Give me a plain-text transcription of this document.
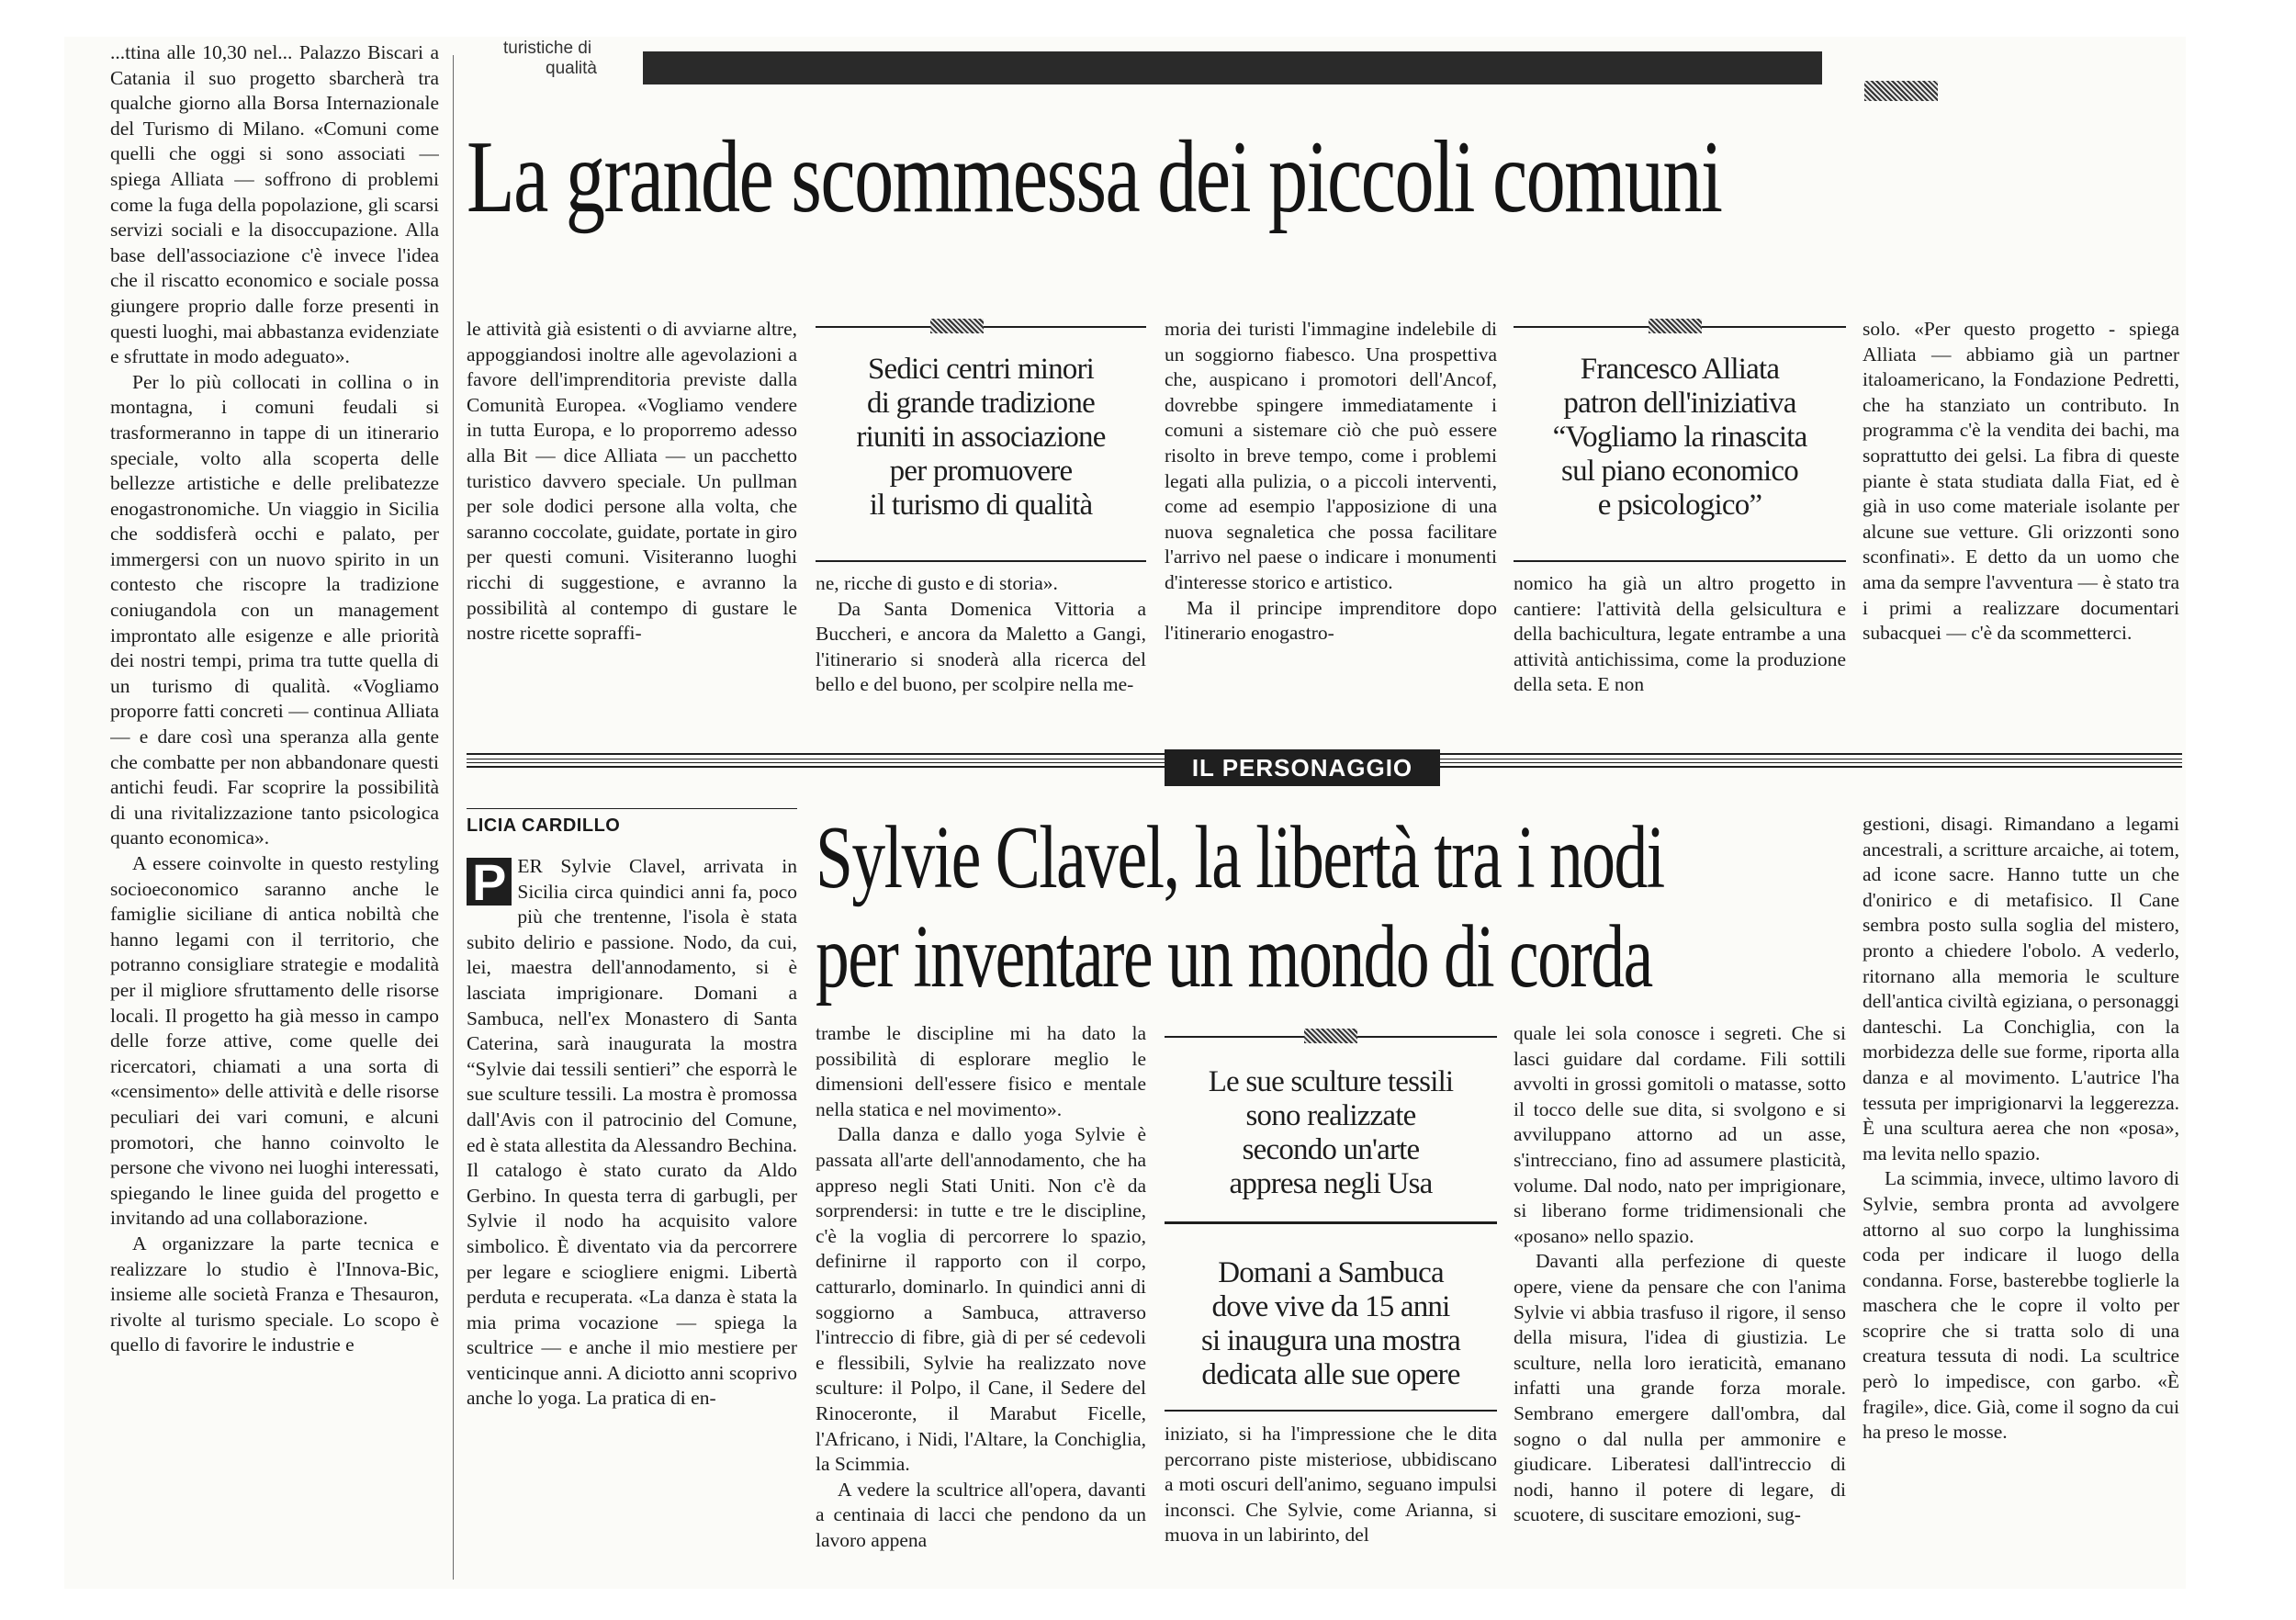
turistiche di
qualità
La grande scommessa dei piccoli comuni

...ttina alle 10,30 nel... Palazzo Biscari a Catania il suo progetto sbarcherà tra qualche giorno alla Borsa Internazionale del Turismo di Milano. «Comuni come quelli che oggi si sono associati — spiega Alliata — soffrono di problemi come la fuga della popolazione, gli scarsi servizi sociali e la disoccupazione. Alla base dell'associazione c'è invece l'idea che il riscatto economico e sociale possa giungere proprio dalle forze presenti in questi luoghi, mai abbastanza evidenziate e sfruttate in modo adeguato».

Per lo più collocati in collina o in montagna, i comuni feudali si trasformeranno in tappe di un itinerario speciale, volto alla scoperta delle bellezze artistiche e delle prelibatezze enogastronomiche. Un viaggio in Sicilia che soddisferà occhi e palato, per immergersi con un nuovo spirito in un contesto che riscopre la tradizione coniugandola con un management improntato alle esigenze e alle priorità dei nostri tempi, prima tra tutte quella di un turismo di qualità. «Vogliamo proporre fatti concreti — continua Alliata — e dare così una speranza alla gente che combatte per non abbandonare questi antichi feudi. Far scoprire la possibilità di una rivitalizzazione tanto psicologica quanto economica».

A essere coinvolte in questo restyling socioeconomico saranno anche le famiglie siciliane di antica nobiltà che hanno legami con il territorio, che potranno consigliare strategie e modalità per il migliore sfruttamento delle risorse locali. Il progetto ha già messo in campo delle forze attive, come quelle dei ricercatori, chiamati a una sorta di «censimento» delle attività e delle risorse peculiari dei vari comuni, e alcuni promotori, che hanno coinvolto le persone che vivono nei luoghi interessati, spiegando le linee guida del progetto e invitando ad una collaborazione.

A organizzare la parte tecnica e realizzare lo studio è l'Innova-Bic, insieme alle società Franza e Thesauron, rivolte al turismo speciale. Lo scopo è quello di favorire le industrie e

le attività già esistenti o di avviarne altre, appoggiandosi inoltre alle agevolazioni a favore dell'imprenditoria previste dalla Comunità Europea. «Vogliamo vendere in tutta Europa, e lo proporremo adesso alla Bit — dice Alliata — un pacchetto turistico davvero speciale. Un pullman per sole dodici persone alla volta, che saranno coccolate, guidate, portate in giro per questi comuni. Visiteranno luoghi ricchi di suggestione, e avranno la possibilità al contempo di gustare le nostre ricette sopraffi-

Sedici centri minori
di grande tradizione
riuniti in associazione
per promuovere
il turismo di qualità

ne, ricche di gusto e di storia».

Da Santa Domenica Vittoria a Buccheri, e ancora da Maletto a Gangi, l'itinerario si snoderà alla ricerca del bello e del buono, per scolpire nella me-

moria dei turisti l'immagine indelebile di un soggiorno fiabesco. Una prospettiva che, auspicano i promotori dell'Ancof, dovrebbe spingere immediatamente i comuni a sistemare ciò che può essere risolto in breve tempo, come i problemi legati alla pulizia, o a piccoli interventi, come ad esempio l'apposizione di una nuova segnaletica che possa facilitare l'arrivo nel paese o indicare i monumenti d'interesse storico e artistico.

Ma il principe imprenditore dopo l'itinerario enogastro-

Francesco Alliata
patron dell'iniziativa
“Vogliamo la rinascita
sul piano economico
e psicologico”

nomico ha già un altro progetto in cantiere: l'attività della gelsicultura e della bachicultura, legate entrambe a una attività antichissima, come la produzione della seta. E non

solo. «Per questo progetto - spiega Alliata — abbiamo già un partner italoamericano, la Fondazione Pedretti, che ha stanziato un contributo. In programma c'è la vendita dei bachi, ma soprattutto dei gelsi. La fibra di queste piante è stata studiata dalla Fiat, ed è già in uso come materiale isolante per alcune sue vetture. Gli orizzonti sono sconfinati». E detto da un uomo che ama da sempre l'avventura — è stato tra i primi a realizzare documentari subacquei — c'è da scommetterci.

IL PERSONAGGIO
LICIA CARDILLO Sylvie Clavel, la libertà tra i nodi
per inventare un mondo di corda

P ER Sylvie Clavel, arrivata in Sicilia circa quindici anni fa, poco più che trentenne, l'isola è stata subito delirio e passione. Nodo, da cui, lei, maestra dell'annodamento, si è lasciata imprigionare. Domani a Sambuca, nell'ex Monastero di Santa Caterina, sarà inaugurata la mostra “Sylvie dai tessili sentieri” che esporrà le sue sculture tessili. La mostra è promossa dall'Avis con il patrocinio del Comune, ed è stata allestita da Alessandro Bechina. Il catalogo è stato curato da Aldo Gerbino. In questa terra di garbugli, per Sylvie il nodo ha acquisito valore simbolico. È diventato via da percorrere per legare e sciogliere enigmi. Libertà perduta e recuperata. «La danza è stata la mia prima vocazione — spiega la scultrice — e anche il mio mestiere per venticinque anni. A diciotto anni scoprivo anche lo yoga. La pratica di en-

trambe le discipline mi ha dato la possibilità di esplorare meglio le dimensioni dell'essere fisico e mentale nella statica e nel movimento».

Dalla danza e dallo yoga Sylvie è passata all'arte dell'annodamento, che ha appreso negli Stati Uniti. Non c'è da sorprendersi: in tutte e tre le discipline, c'è la voglia di percorrere lo spazio, definirne il rapporto con il corpo, catturarlo, dominarlo. In quindici anni di soggiorno a Sambuca, attraverso l'intreccio di fibre, già di per sé cedevoli e flessibili, Sylvie ha realizzato nove sculture: il Polpo, il Cane, il Sedere del Rinoceronte, il Marabut Ficelle, l'Africano, i Nidi, l'Altare, la Conchiglia, la Scimmia.

A vedere la scultrice all'opera, davanti a centinaia di lacci che pendono da un lavoro appena

Le sue sculture tessili
sono realizzate
secondo un'arte
appresa negli Usa
Domani a Sambuca
dove vive da 15 anni
si inaugura una mostra
dedicata alle sue opere

iniziato, si ha l'impressione che le dita percorrano piste misteriose, ubbidiscano a moti oscuri dell'animo, seguano impulsi inconsci. Che Sylvie, come Arianna, si muova in un labirinto, del

quale lei sola conosce i segreti. Che si lasci guidare dal cordame. Fili sottili avvolti in grossi gomitoli o matasse, sotto il tocco delle sue dita, si svolgono e si avviluppano attorno ad un asse, s'intrecciano, fino ad assumere plasticità, volume. Dal nodo, nato per imprigionare, si liberano forme tridimensionali che «posano» nello spazio.

Davanti alla perfezione di queste opere, viene da pensare che con l'anima Sylvie vi abbia trasfuso il rigore, il senso della misura, l'idea di giustizia. Le sculture, nella loro ieraticità, emanano infatti una grande forza morale. Sembrano emergere dall'ombra, dal sogno o dal nulla per ammonire e giudicare. Liberatesi dall'intreccio di nodi, hanno il potere di legare, di scuotere, di suscitare emozioni, sug-

gestioni, disagi. Rimandano a legami ancestrali, a scritture arcaiche, ai totem, ad icone sacre. Hanno tutte un che d'onirico e di metafisico. Il Cane sembra posto sulla soglia del mistero, pronto a chiedere l'obolo. A vederlo, ritornano alla memoria le sculture dell'antica civiltà egiziana, o personaggi danteschi. La Conchiglia, con la morbidezza delle sue forme, riporta alla danza e al movimento. L'autrice l'ha tessuta per imprigionarvi la leggerezza. È una scultura aerea che non «posa», ma levita nello spazio.

La scimmia, invece, ultimo lavoro di Sylvie, sembra pronta ad avvolgere attorno al suo corpo la lunghissima coda per indicare il luogo della condanna. Forse, basterebbe toglierle la maschera che le copre il volto per scoprire che si tratta solo di una creatura tessuta di nodi. La scultrice però lo impedisce, con garbo. «È fragile», dice. Già, come il sogno da cui ha preso le mosse.
